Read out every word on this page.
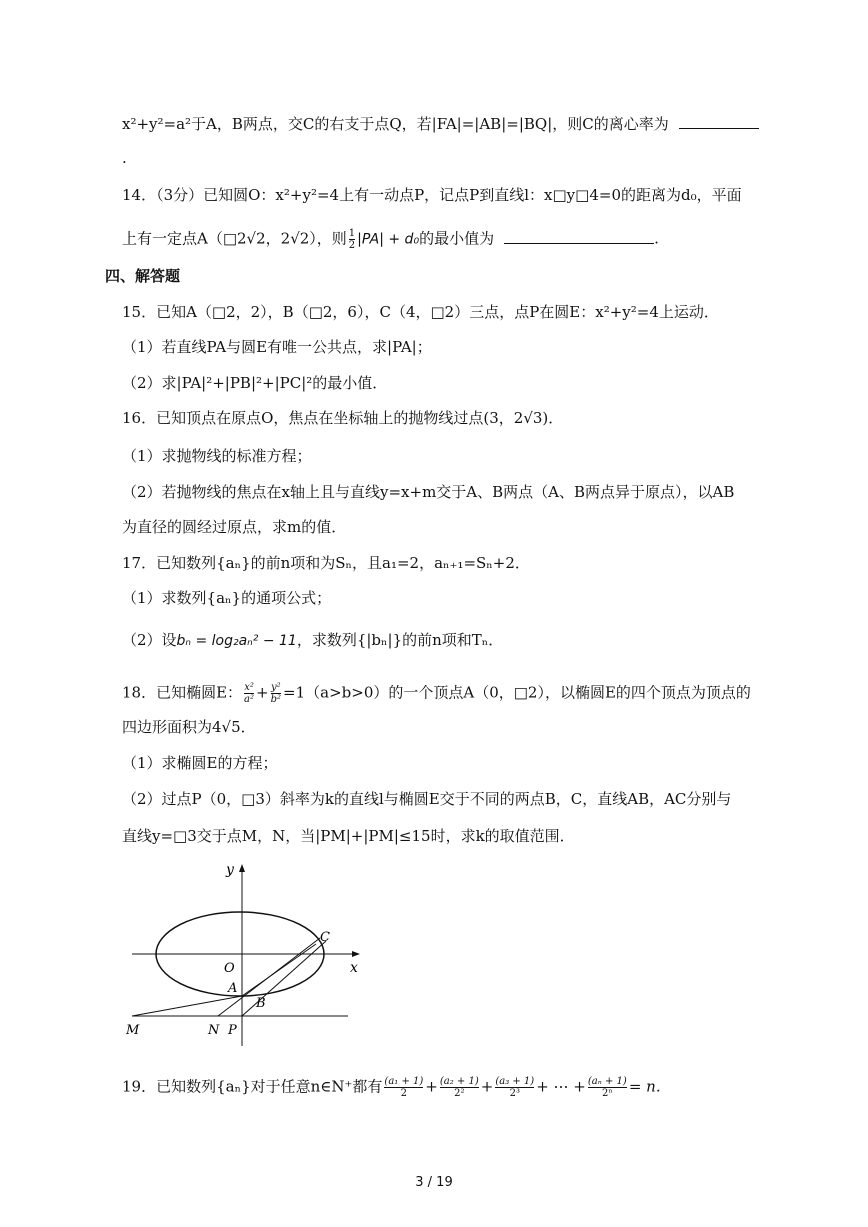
x²+y²=a²于A，B两点，交C的右支于点Q，若|FA|=|AB|=|BQ|，则C的离心率为
.
14．（3分）已知圆O：x²+y²=4上有一动点P，记点P到直线l：x□y□4=0的距离为d₀，平面
上有一定点A（□2√2，2√2），则 $\frac{1}{2} |PA| + d_0$的最小值为	.
四、解答题
15．已知A（□2，2），B（□2，6），C（4，□2）三点，点P在圆E：x²+y²=4上运动．
（1）若直线PA与圆E有唯一公共点，求|PA|；
（2）求|PA|²+|PB|²+|PC|²的最小值．
16．已知顶点在原点O，焦点在坐标轴上的抛物线过点(3，2√3)．
（1）求抛物线的标准方程；
（2）若抛物线的焦点在x轴上且与直线y=x+m交于A、B两点（A、B两点异于原点），以AB
为直径的圆经过原点，求m的值．
17．已知数列{aₙ}的前n项和为Sₙ，且a₁=2，aₙ₊₁=Sₙ+2．
（1）求数列{aₙ}的通项公式；
（2）设bₙ = log₂aₙ² − 11，求数列{|bₙ|}的前n项和Tₙ．
18．已知椭圆E： $\frac{\text{x²}}{\text{a²}} + \frac{\text{y²}}{\text{b²}} =1(a>b>0)$的一个顶点A（0，□2），以椭圆E的四个顶点为顶点的
四边形面积为4√5．
（1）求椭圆E的方程；
（2）过点P（0，□3）斜率为k的直线l与椭圆E交于不同的两点B，C，直线AB，AC分别与
直线y=□3交于点M，N，当|PM|+|PM|≤15时，求k的取值范围．
y
x
O
C
A
B
M	N P
19．已知数列{aₙ}对于任意n∈N⁺都有 $\frac{\text{(a₁ + 1)}}{2} + \frac{\text{(a₂ + 1)}}{\text{2²}} + \frac{\text{(a₃ + 1)}}{\text{2³}}$ + ⋯ + $\frac{\text{(aₙ + 1)}}{\text{2ⁿ}} = n$．
3 / 19
